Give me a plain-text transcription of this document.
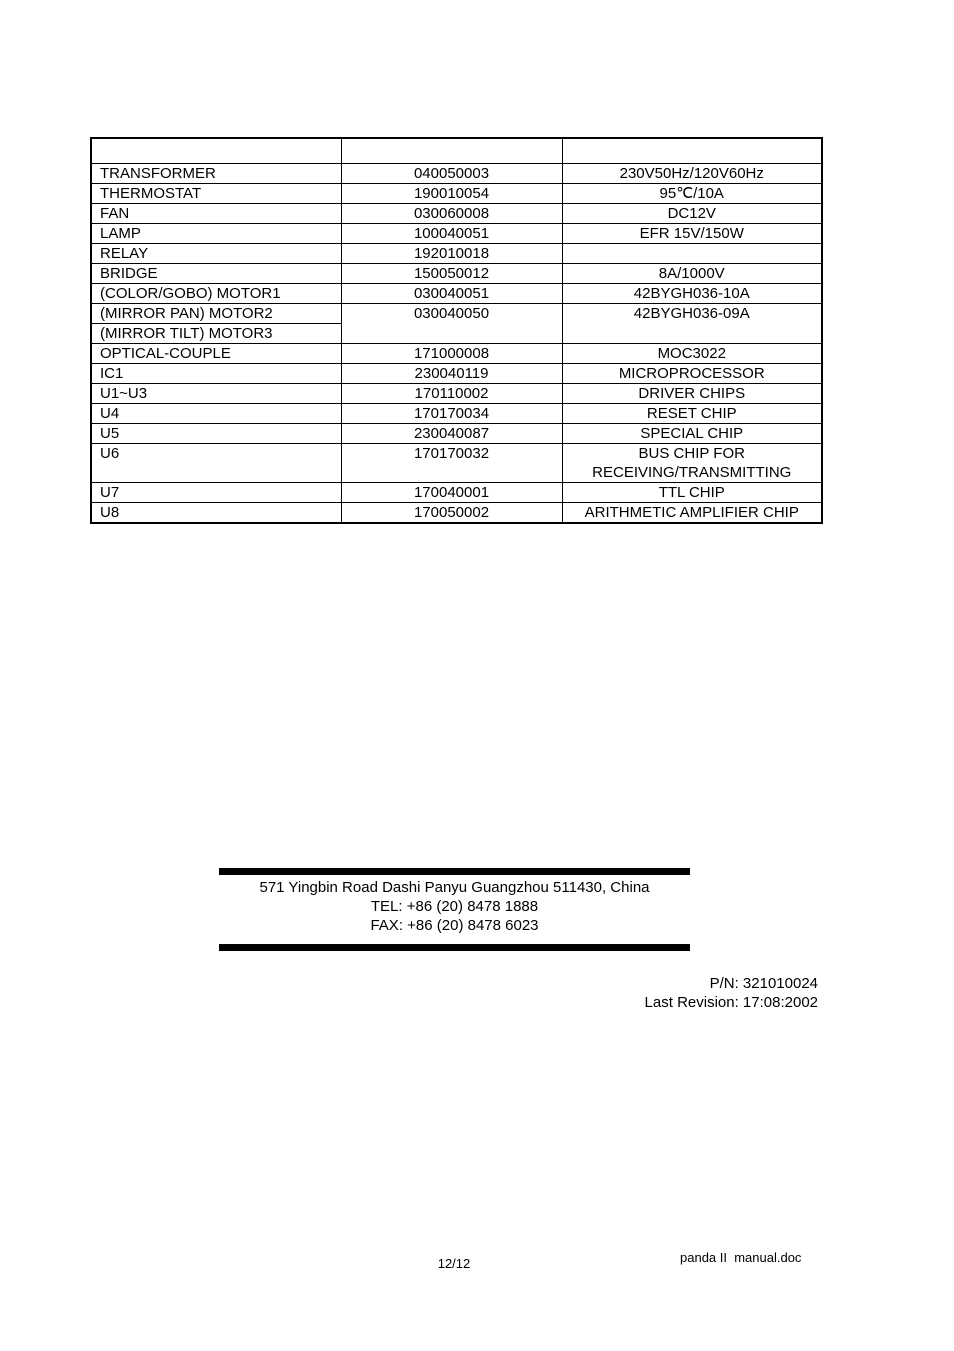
TRANSFORMER	040050003	230V50Hz/120V60Hz
THERMOSTAT	190010054	95℃/10A
FAN	030060008	DC12V
LAMP	100040051	EFR 15V/150W
RELAY	192010018	
BRIDGE	150050012	8A/1000V
(COLOR/GOBO) MOTOR1	030040051	42BYGH036-10A
(MIRROR PAN) MOTOR2	030040050	42BYGH036-09A
(MIRROR TILT) MOTOR3		
OPTICAL-COUPLE	171000008	MOC3022
IC1	230040119	MICROPROCESSOR
U1~U3	170110002	DRIVER CHIPS
U4	170170034	RESET CHIP
U5	230040087	SPECIAL CHIP
U6	170170032	BUS CHIP FOR RECEIVING/TRANSMITTING
U7	170040001	TTL CHIP
U8	170050002	ARITHMETIC AMPLIFIER CHIP
571 Yingbin Road Dashi Panyu Guangzhou 511430, China
TEL: +86 (20) 8478 1888
FAX: +86 (20) 8478 6023
P/N: 321010024
Last Revision: 17:08:2002
12/12	panda II  manual.doc
